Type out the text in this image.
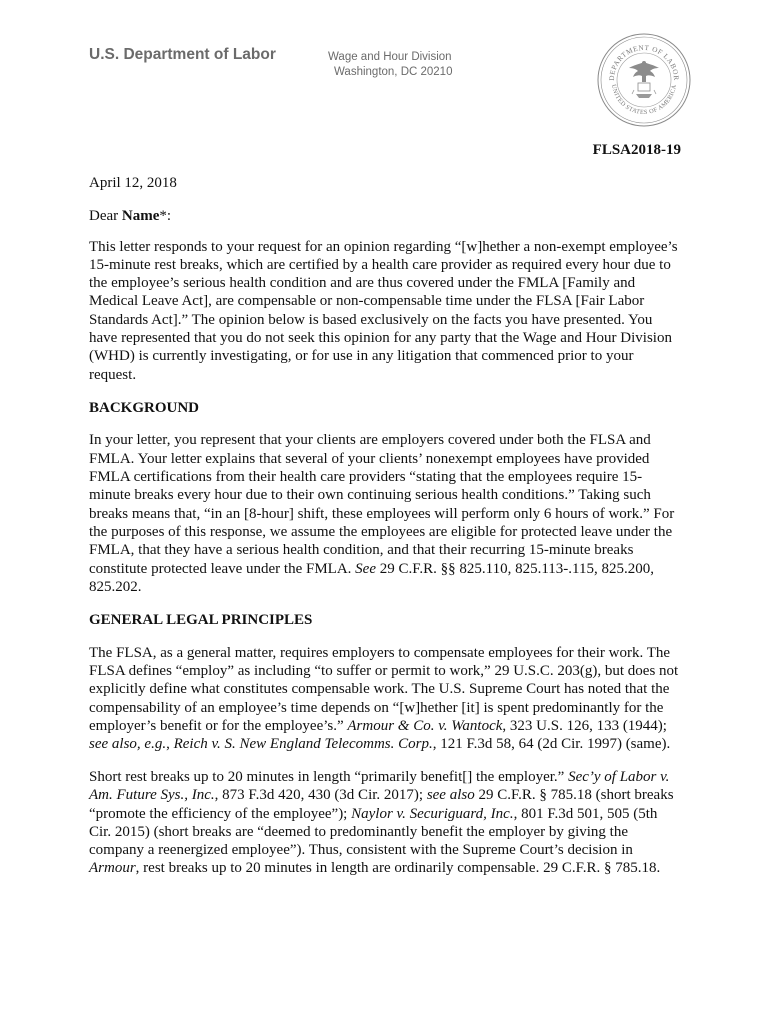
U.S. Department of Labor	Wage and Hour Division
Washington, DC 20210	DEPARTMENT OF LABOR
UNITED STATES OF AMERICA
FLSA2018-19

April 12, 2018

Dear Name*:

This letter responds to your request for an opinion regarding “[w]hether a non-exempt employee’s 15-minute rest breaks, which are certified by a health care provider as required every hour due to the employee’s serious health condition and are thus covered under the FMLA [Family and Medical Leave Act], are compensable or non-compensable time under the FLSA [Fair Labor Standards Act].” The opinion below is based exclusively on the facts you have presented. You have represented that you do not seek this opinion for any party that the Wage and Hour Division (WHD) is currently investigating, or for use in any litigation that commenced prior to your request.

BACKGROUND

In your letter, you represent that your clients are employers covered under both the FLSA and FMLA. Your letter explains that several of your clients’ nonexempt employees have provided FMLA certifications from their health care providers “stating that the employees require 15-minute breaks every hour due to their own continuing serious health conditions.” Taking such breaks means that, “in an [8-hour] shift, these employees will perform only 6 hours of work.” For the purposes of this response, we assume the employees are eligible for protected leave under the FMLA, that they have a serious health condition, and that their recurring 15-minute breaks constitute protected leave under the FMLA. See 29 C.F.R. §§ 825.110, 825.113-.115, 825.200, 825.202.

GENERAL LEGAL PRINCIPLES

The FLSA, as a general matter, requires employers to compensate employees for their work. The FLSA defines “employ” as including “to suffer or permit to work,” 29 U.S.C. 203(g), but does not explicitly define what constitutes compensable work. The U.S. Supreme Court has noted that the compensability of an employee’s time depends on “[w]hether [it] is spent predominantly for the employer’s benefit or for the employee’s.” Armour & Co. v. Wantock, 323 U.S. 126, 133 (1944); see also, e.g., Reich v. S. New England Telecomms. Corp., 121 F.3d 58, 64 (2d Cir. 1997) (same).

Short rest breaks up to 20 minutes in length “primarily benefit[] the employer.” Sec’y of Labor v. Am. Future Sys., Inc., 873 F.3d 420, 430 (3d Cir. 2017); see also 29 C.F.R. § 785.18 (short breaks “promote the efficiency of the employee”); Naylor v. Securiguard, Inc., 801 F.3d 501, 505 (5th Cir. 2015) (short breaks are “deemed to predominantly benefit the employer by giving the company a reenergized employee”). Thus, consistent with the Supreme Court’s decision in Armour, rest breaks up to 20 minutes in length are ordinarily compensable. 29 C.F.R. § 785.18.
